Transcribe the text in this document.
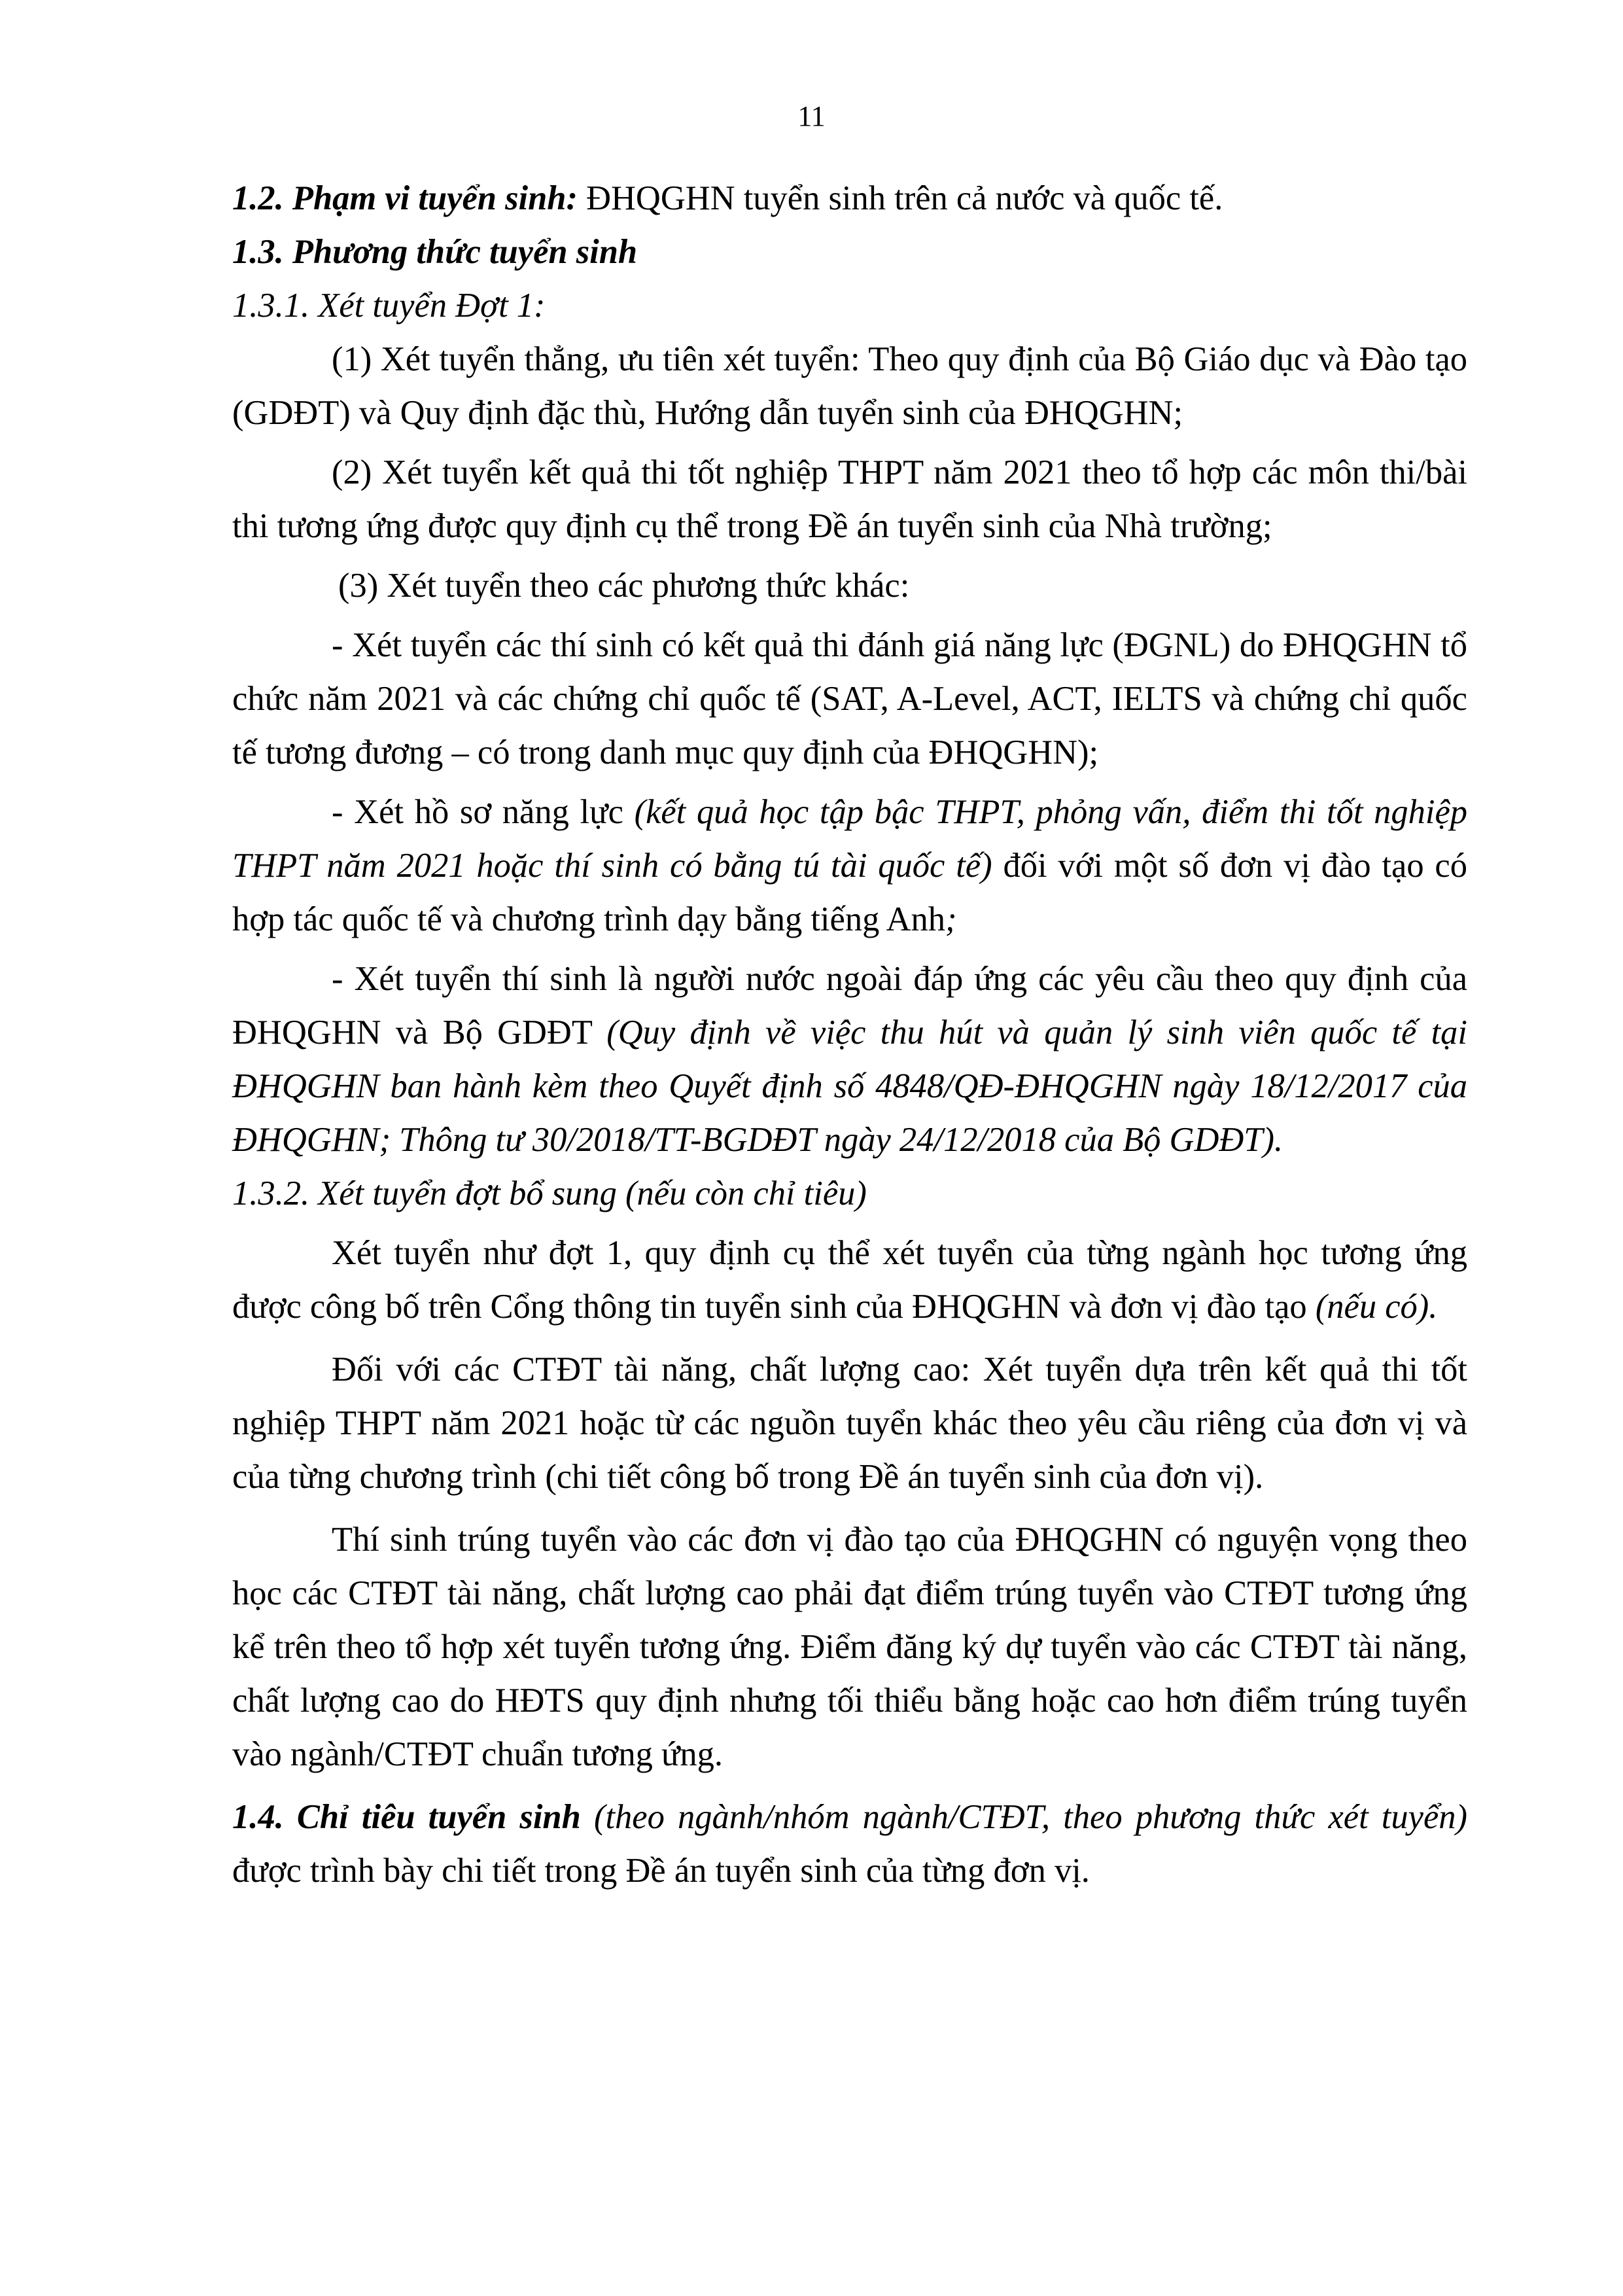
11

1.2. Phạm vi tuyển sinh: ĐHQGHN tuyển sinh trên cả nước và quốc tế.

1.3. Phương thức tuyển sinh

1.3.1. Xét tuyển Đợt 1:

(1) Xét tuyển thẳng, ưu tiên xét tuyển: Theo quy định của Bộ Giáo dục và Đào tạo (GDĐT) và Quy định đặc thù, Hướng dẫn tuyển sinh của ĐHQGHN;

(2) Xét tuyển kết quả thi tốt nghiệp THPT năm 2021 theo tổ hợp các môn thi/bài thi tương ứng được quy định cụ thể trong Đề án tuyển sinh của Nhà trường;

(3) Xét tuyển theo các phương thức khác:

- Xét tuyển các thí sinh có kết quả thi đánh giá năng lực (ĐGNL) do ĐHQGHN tổ chức năm 2021 và các chứng chỉ quốc tế (SAT, A-Level, ACT, IELTS và chứng chỉ quốc tế tương đương – có trong danh mục quy định của ĐHQGHN);

- Xét hồ sơ năng lực (kết quả học tập bậc THPT, phỏng vấn, điểm thi tốt nghiệp THPT năm 2021 hoặc thí sinh có bằng tú tài quốc tế) đối với một số đơn vị đào tạo có hợp tác quốc tế và chương trình dạy bằng tiếng Anh;

- Xét tuyển thí sinh là người nước ngoài đáp ứng các yêu cầu theo quy định của ĐHQGHN và Bộ GDĐT (Quy định về việc thu hút và quản lý sinh viên quốc tế tại ĐHQGHN ban hành kèm theo Quyết định số 4848/QĐ-ĐHQGHN ngày 18/12/2017 của ĐHQGHN; Thông tư 30/2018/TT-BGDĐT ngày 24/12/2018 của Bộ GDĐT).

1.3.2. Xét tuyển đợt bổ sung (nếu còn chỉ tiêu)

Xét tuyển như đợt 1, quy định cụ thể xét tuyển của từng ngành học tương ứng được công bố trên Cổng thông tin tuyển sinh của ĐHQGHN và đơn vị đào tạo (nếu có).

Đối với các CTĐT tài năng, chất lượng cao: Xét tuyển dựa trên kết quả thi tốt nghiệp THPT năm 2021 hoặc từ các nguồn tuyển khác theo yêu cầu riêng của đơn vị và của từng chương trình (chi tiết công bố trong Đề án tuyển sinh của đơn vị).

Thí sinh trúng tuyển vào các đơn vị đào tạo của ĐHQGHN có nguyện vọng theo học các CTĐT tài năng, chất lượng cao phải đạt điểm trúng tuyển vào CTĐT tương ứng kể trên theo tổ hợp xét tuyển tương ứng. Điểm đăng ký dự tuyển vào các CTĐT tài năng, chất lượng cao do HĐTS quy định nhưng tối thiểu bằng hoặc cao hơn điểm trúng tuyển vào ngành/CTĐT chuẩn tương ứng.

1.4. Chỉ tiêu tuyển sinh (theo ngành/nhóm ngành/CTĐT, theo phương thức xét tuyển) được trình bày chi tiết trong Đề án tuyển sinh của từng đơn vị.
